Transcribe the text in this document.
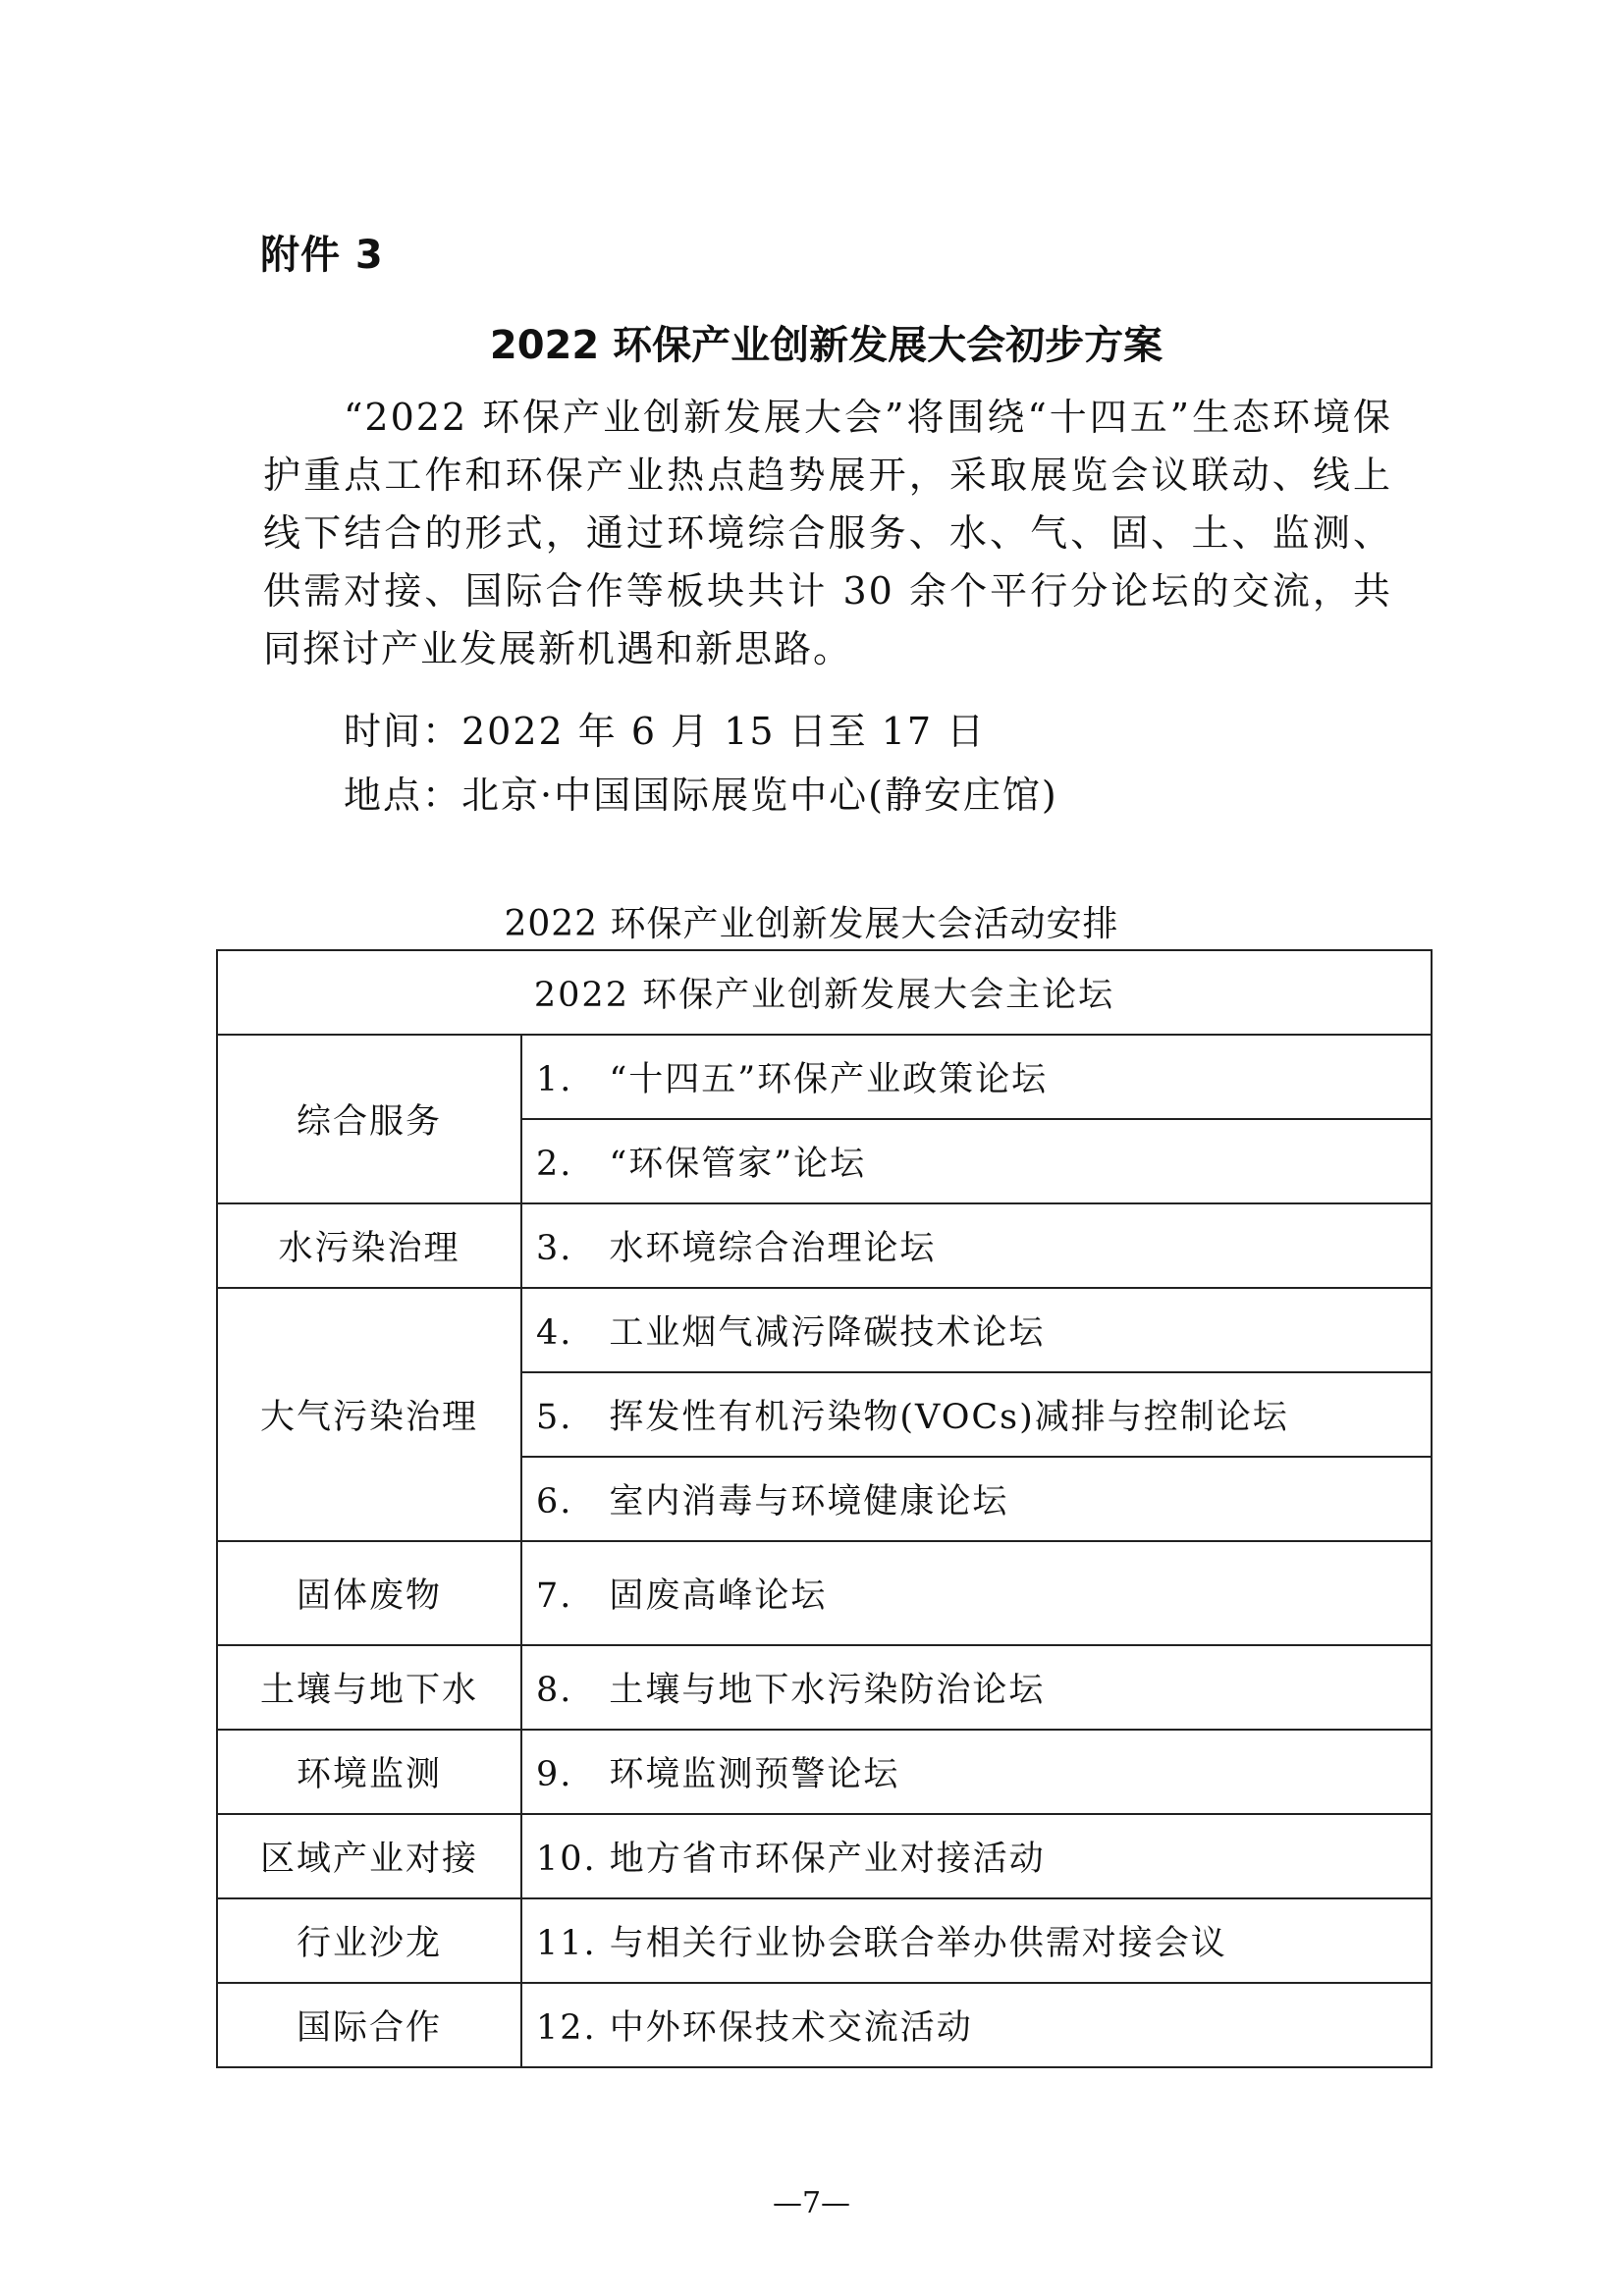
附件 3
2022 环保产业创新发展大会初步方案

“2022 环保产业创新发展大会”将围绕“十四五”生态环境保护重点工作和环保产业热点趋势展开，采取展览会议联动、线上线下结合的形式，通过环境综合服务、水、气、固、土、监测、供需对接、国际合作等板块共计 30 余个平行分论坛的交流，共同探讨产业发展新机遇和新思路。

时间：2022 年 6 月 15 日至 17 日

地点：北京·中国国际展览中心(静安庄馆)

2022 环保产业创新发展大会活动安排
2022 环保产业创新发展大会主论坛	
综合服务	1.　“十四五”环保产业政策论坛
	2.　“环保管家”论坛
水污染治理	3.　水环境综合治理论坛
大气污染治理	4.　工业烟气减污降碳技术论坛
	5.　挥发性有机污染物(VOCs)减排与控制论坛
	6.　室内消毒与环境健康论坛
固体废物	7.　固废高峰论坛
土壤与地下水	8.　土壤与地下水污染防治论坛
环境监测	9.　环境监测预警论坛
区域产业对接	10. 地方省市环保产业对接活动
行业沙龙	11. 与相关行业协会联合举办供需对接会议
国际合作	12. 中外环保技术交流活动
—7—
